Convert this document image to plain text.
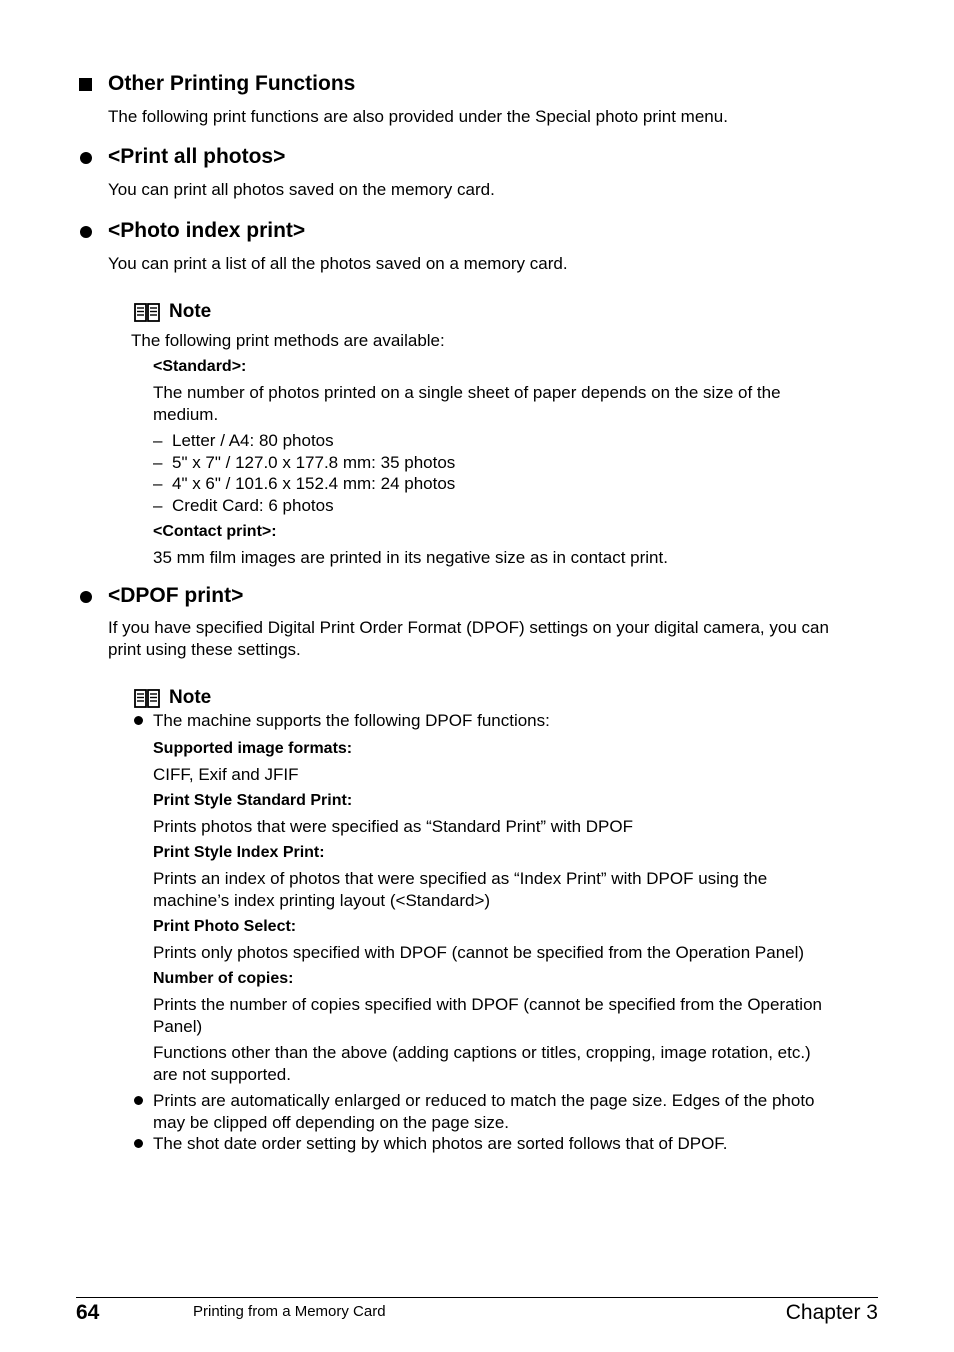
Other Printing Functions

The following print functions are also provided under the Special photo print menu.

<Print all photos>

You can print all photos saved on the memory card.

<Photo index print>

You can print a list of all the photos saved on a memory card.

Note

The following print methods are available:

<Standard>:

The number of photos printed on a single sheet of paper depends on the size of the

medium.

– Letter / A4: 80 photos

– 5" x 7" / 127.0 x 177.8 mm: 35 photos

– 4" x 6" / 101.6 x 152.4 mm: 24 photos

– Credit Card: 6 photos

<Contact print>:

35 mm film images are printed in its negative size as in contact print.

<DPOF print>

If you have specified Digital Print Order Format (DPOF) settings on your digital camera, you can

print using these settings.

Note

The machine supports the following DPOF functions:

Supported image formats:

CIFF, Exif and JFIF

Print Style Standard Print:

Prints photos that were specified as “Standard Print” with DPOF

Print Style Index Print:

Prints an index of photos that were specified as “Index Print” with DPOF using the

machine’s index printing layout (<Standard>)

Print Photo Select:

Prints only photos specified with DPOF (cannot be specified from the Operation Panel)

Number of copies:

Prints the number of copies specified with DPOF (cannot be specified from the Operation

Panel)

Functions other than the above (adding captions or titles, cropping, image rotation, etc.)

are not supported.

Prints are automatically enlarged or reduced to match the page size. Edges of the photo

may be clipped off depending on the page size.

The shot date order setting by which photos are sorted follows that of DPOF.

64	Printing from a Memory Card	Chapter 3
